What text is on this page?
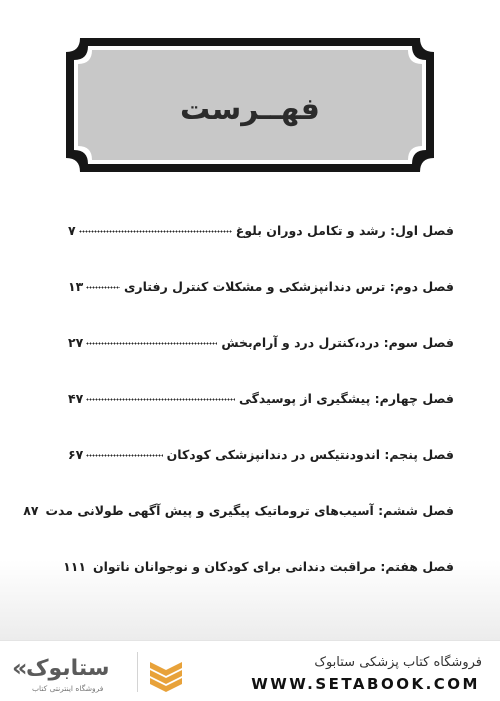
فهــرست
فصل اول: رشد و تکامل دوران بلوغ
۷
فصل دوم: ترس دندانپزشکی و مشکلات کنترل رفتاری
۱۳
فصل سوم: درد،کنترل درد و آرام‌بخش
۲۷
فصل چهارم: پیشگیری از پوسیدگی
۴۷
فصل پنجم: اندودنتیکس در دندانپزشکی کودکان
۶۷
فصل ششم: آسیب‌های تروماتیک پیگیری و پیش آگهی طولانی مدت
۸۷
فصل هفتم: مراقبت دندانی برای کودکان و نوجوانان ناتوان
۱۱۱
«
ستابوک
فروشگاه اینترنتی کتاب
فروشگاه کتاب پزشکی ستابوک
WWW.SETABOOK.COM
